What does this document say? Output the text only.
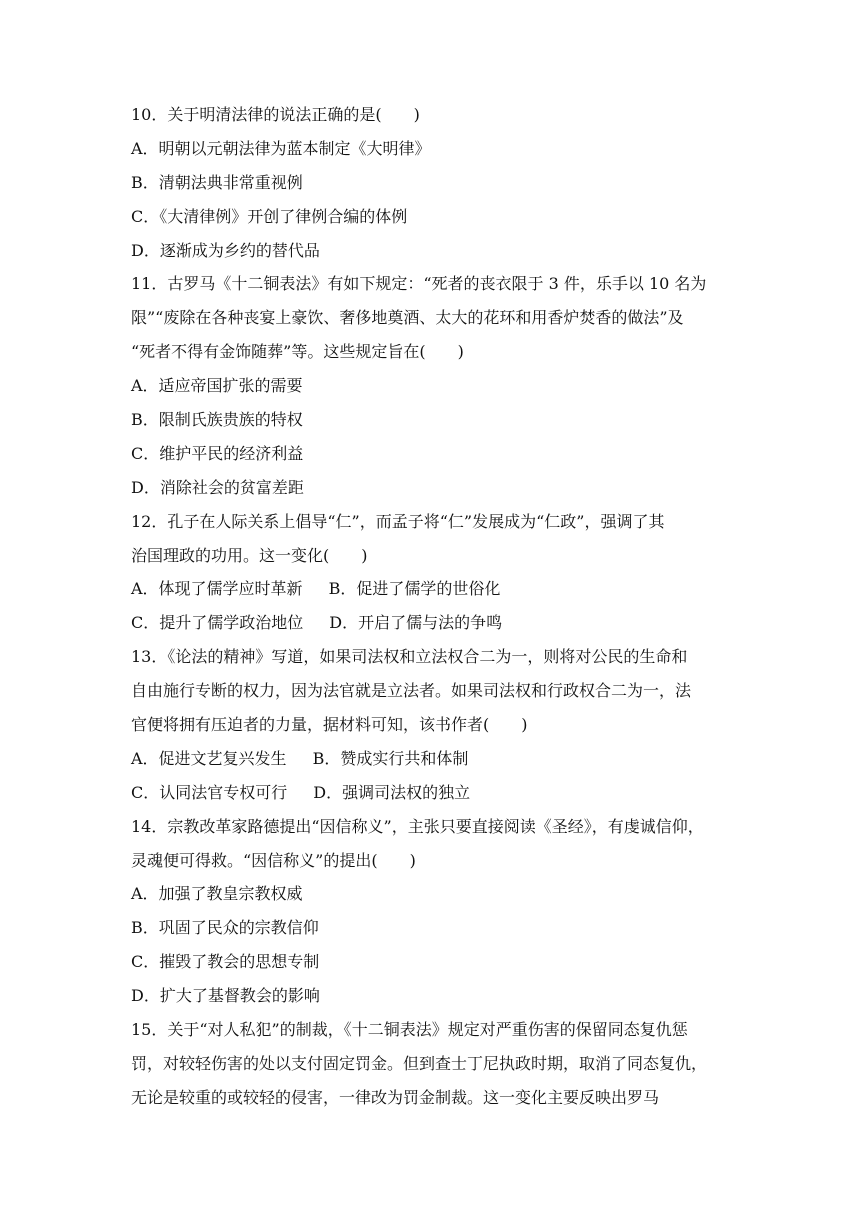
10．关于明清法律的说法正确的是(　　)
A．明朝以元朝法律为蓝本制定《大明律》
B．清朝法典非常重视例
C．《大清律例》开创了律例合编的体例
D．逐渐成为乡约的替代品
11．古罗马《十二铜表法》有如下规定：“死者的丧衣限于 3 件，乐手以 10 名为
限”“废除在各种丧宴上豪饮、奢侈地奠酒、太大的花环和用香炉焚香的做法”及
“死者不得有金饰随葬”等。这些规定旨在(　　)
A．适应帝国扩张的需要
B．限制氏族贵族的特权
C．维护平民的经济利益
D．消除社会的贫富差距
12．孔子在人际关系上倡导“仁”，而孟子将“仁”发展成为“仁政”，强调了其
治国理政的功用。这一变化(　　)
A．体现了儒学应时革新 B．促进了儒学的世俗化
C．提升了儒学政治地位 D．开启了儒与法的争鸣
13．《论法的精神》写道，如果司法权和立法权合二为一，则将对公民的生命和
自由施行专断的权力，因为法官就是立法者。如果司法权和行政权合二为一，法
官便将拥有压迫者的力量，据材料可知，该书作者(　　)
A．促进文艺复兴发生 B．赞成实行共和体制
C．认同法官专权可行 D．强调司法权的独立
14．宗教改革家路德提出“因信称义”，主张只要直接阅读《圣经》，有虔诚信仰，
灵魂便可得救。“因信称义”的提出(　　)
A．加强了教皇宗教权威
B．巩固了民众的宗教信仰
C．摧毁了教会的思想专制
D．扩大了基督教会的影响
15．关于“对人私犯”的制裁，《十二铜表法》规定对严重伤害的保留同态复仇惩
罚，对较轻伤害的处以支付固定罚金。但到查士丁尼执政时期，取消了同态复仇，
无论是较重的或较轻的侵害，一律改为罚金制裁。这一变化主要反映出罗马
